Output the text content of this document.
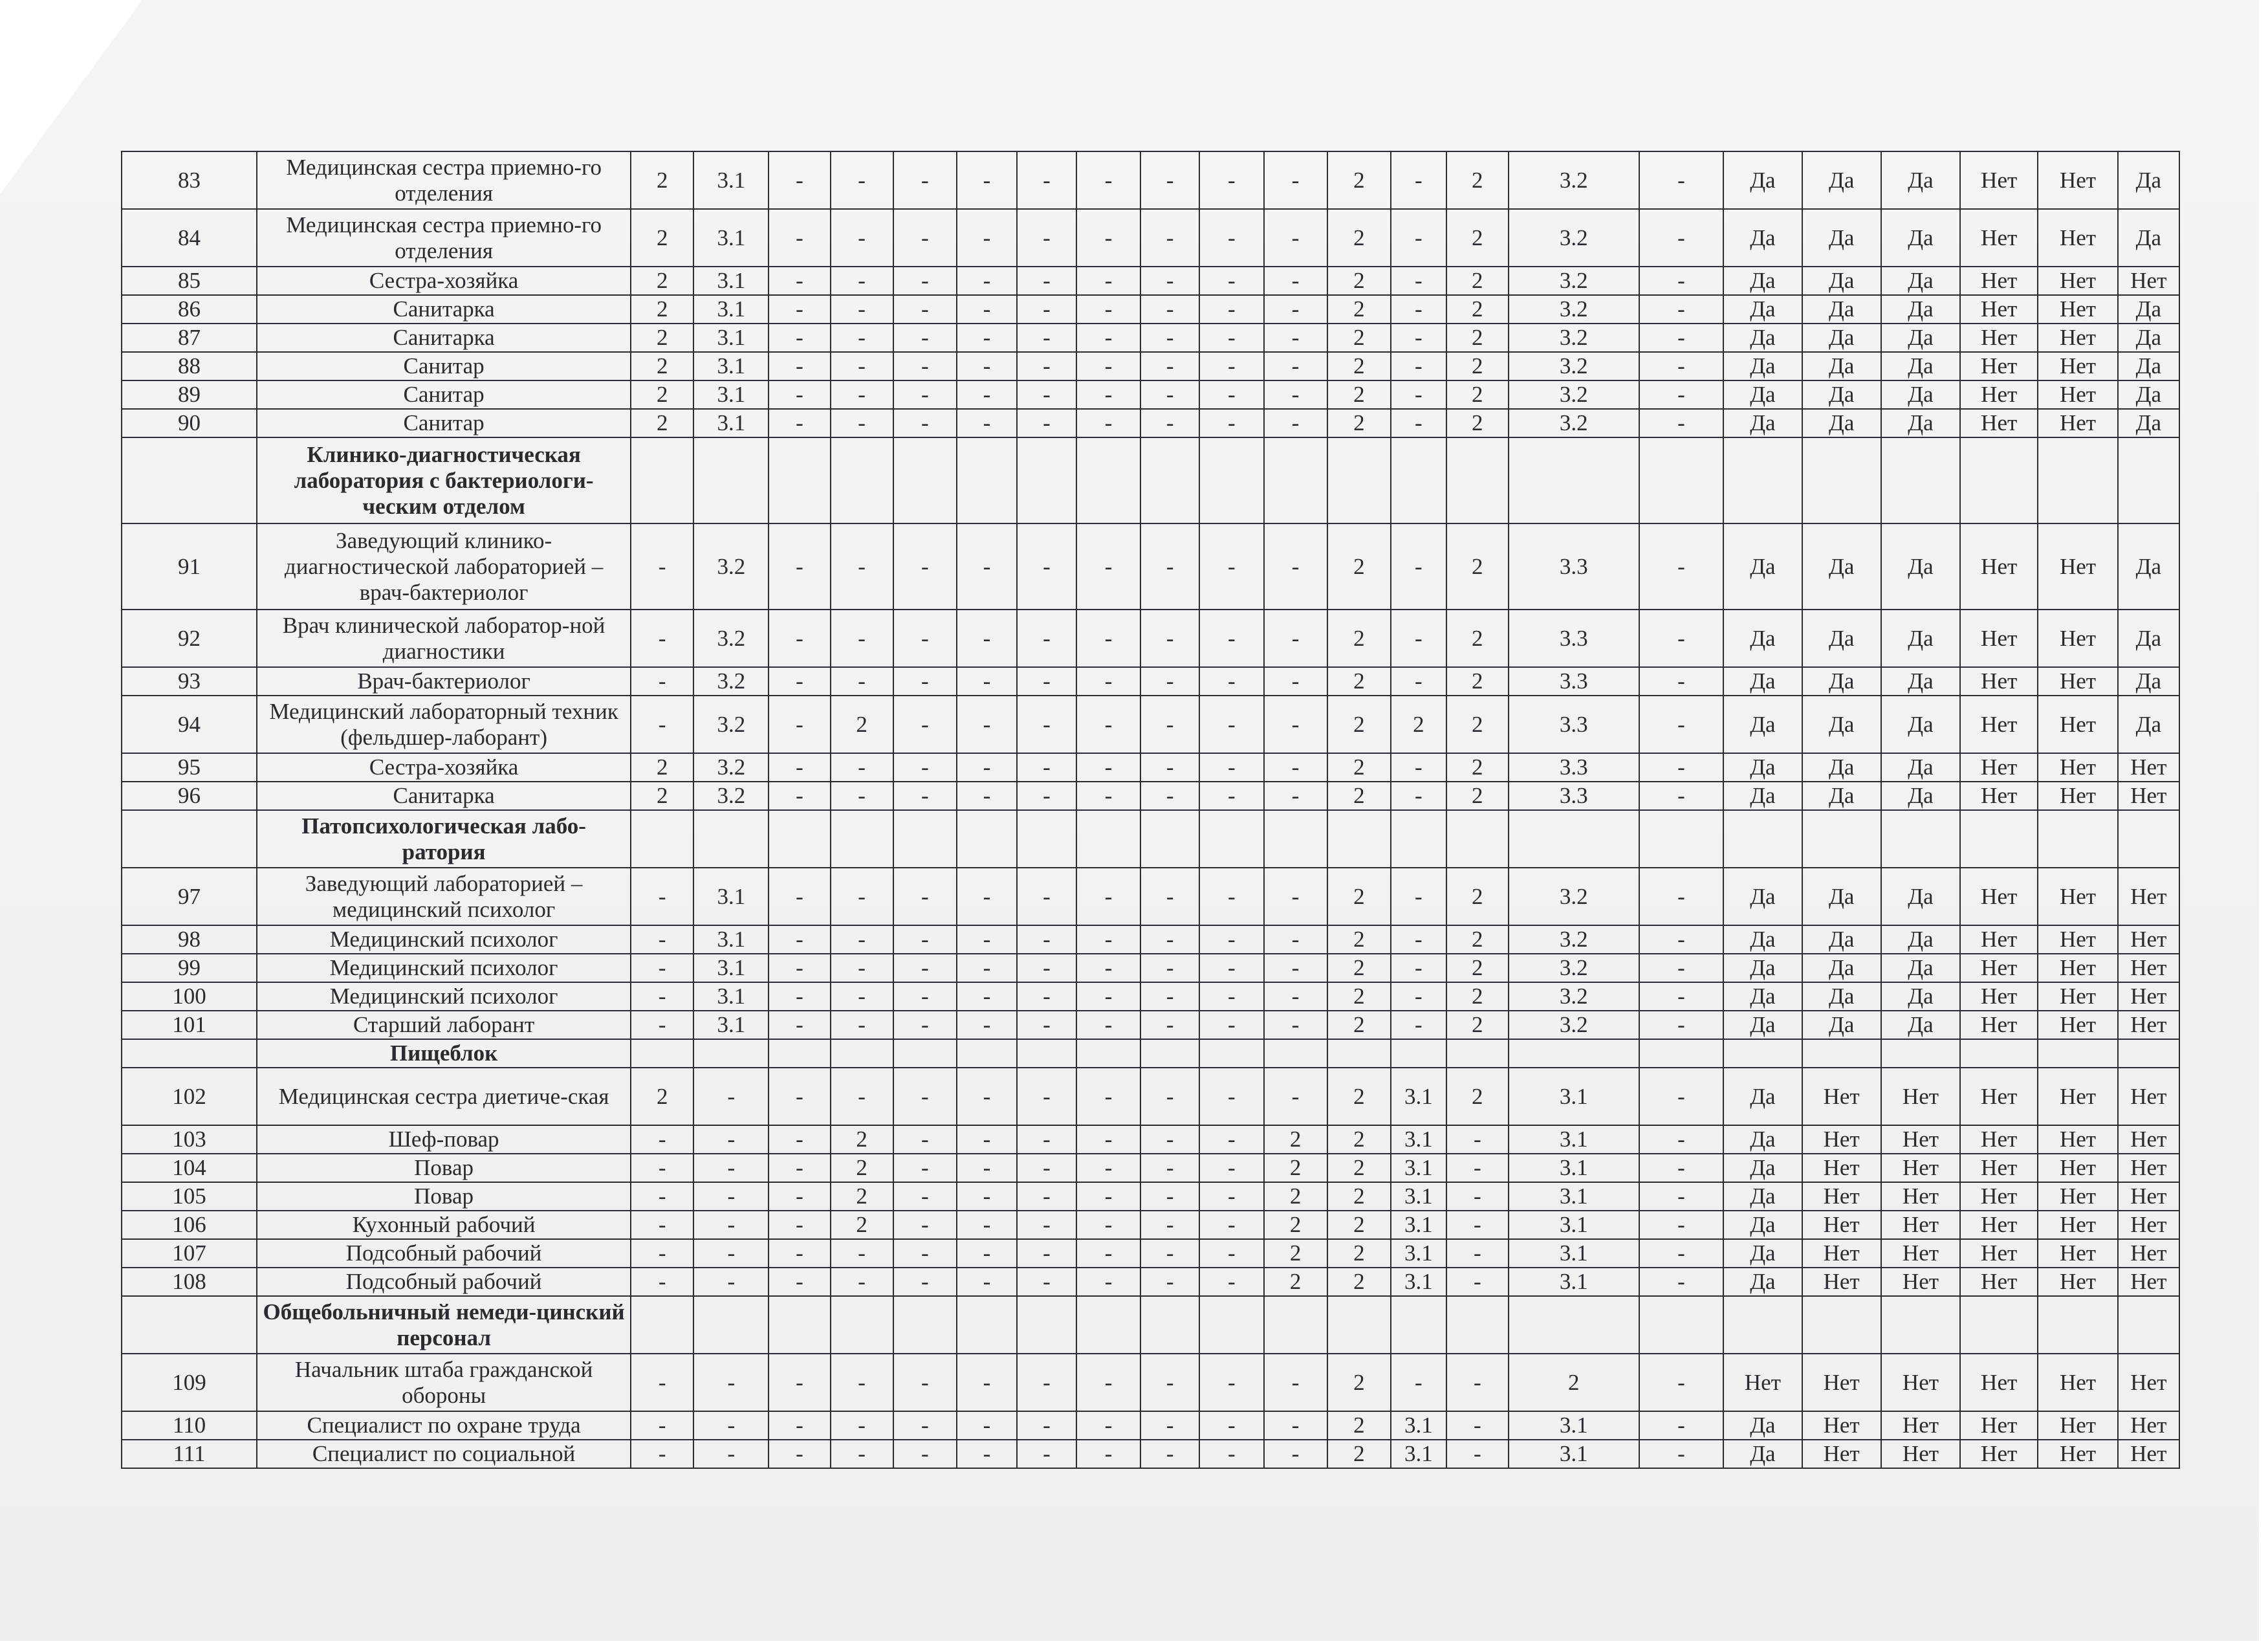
83	Медицинская сестра приемно-го отделения	2	3.1	-	-	-	-	-	-	-	-	-	2	-	2	3.2	-	Да	Да	Да	Нет	Нет	Да
84	Медицинская сестра приемно-го отделения	2	3.1	-	-	-	-	-	-	-	-	-	2	-	2	3.2	-	Да	Да	Да	Нет	Нет	Да
85	Сестра-хозяйка	2	3.1	-	-	-	-	-	-	-	-	-	2	-	2	3.2	-	Да	Да	Да	Нет	Нет	Нет
86	Санитарка	2	3.1	-	-	-	-	-	-	-	-	-	2	-	2	3.2	-	Да	Да	Да	Нет	Нет	Да
87	Санитарка	2	3.1	-	-	-	-	-	-	-	-	-	2	-	2	3.2	-	Да	Да	Да	Нет	Нет	Да
88	Санитар	2	3.1	-	-	-	-	-	-	-	-	-	2	-	2	3.2	-	Да	Да	Да	Нет	Нет	Да
89	Санитар	2	3.1	-	-	-	-	-	-	-	-	-	2	-	2	3.2	-	Да	Да	Да	Нет	Нет	Да
90	Санитар	2	3.1	-	-	-	-	-	-	-	-	-	2	-	2	3.2	-	Да	Да	Да	Нет	Нет	Да
	Клинико-диагностическая лаборатория с бактериологи-ческим отделом																						
91	Заведующий клинико-диагностической лабораторией – врач-бактериолог	-	3.2	-	-	-	-	-	-	-	-	-	2	-	2	3.3	-	Да	Да	Да	Нет	Нет	Да
92	Врач клинической лаборатор-ной диагностики	-	3.2	-	-	-	-	-	-	-	-	-	2	-	2	3.3	-	Да	Да	Да	Нет	Нет	Да
93	Врач-бактериолог	-	3.2	-	-	-	-	-	-	-	-	-	2	-	2	3.3	-	Да	Да	Да	Нет	Нет	Да
94	Медицинский лабораторный техник (фельдшер-лаборант)	-	3.2	-	2	-	-	-	-	-	-	-	2	2	2	3.3	-	Да	Да	Да	Нет	Нет	Да
95	Сестра-хозяйка	2	3.2	-	-	-	-	-	-	-	-	-	2	-	2	3.3	-	Да	Да	Да	Нет	Нет	Нет
96	Санитарка	2	3.2	-	-	-	-	-	-	-	-	-	2	-	2	3.3	-	Да	Да	Да	Нет	Нет	Нет
	Патопсихологическая лабо-ратория																						
97	Заведующий лабораторией – медицинский психолог	-	3.1	-	-	-	-	-	-	-	-	-	2	-	2	3.2	-	Да	Да	Да	Нет	Нет	Нет
98	Медицинский психолог	-	3.1	-	-	-	-	-	-	-	-	-	2	-	2	3.2	-	Да	Да	Да	Нет	Нет	Нет
99	Медицинский психолог	-	3.1	-	-	-	-	-	-	-	-	-	2	-	2	3.2	-	Да	Да	Да	Нет	Нет	Нет
100	Медицинский психолог	-	3.1	-	-	-	-	-	-	-	-	-	2	-	2	3.2	-	Да	Да	Да	Нет	Нет	Нет
101	Старший лаборант	-	3.1	-	-	-	-	-	-	-	-	-	2	-	2	3.2	-	Да	Да	Да	Нет	Нет	Нет
	Пищеблок																						
102	Медицинская сестра диетиче-ская	2	-	-	-	-	-	-	-	-	-	-	2	3.1	2	3.1	-	Да	Нет	Нет	Нет	Нет	Нет
103	Шеф-повар	-	-	-	2	-	-	-	-	-	-	2	2	3.1	-	3.1	-	Да	Нет	Нет	Нет	Нет	Нет
104	Повар	-	-	-	2	-	-	-	-	-	-	2	2	3.1	-	3.1	-	Да	Нет	Нет	Нет	Нет	Нет
105	Повар	-	-	-	2	-	-	-	-	-	-	2	2	3.1	-	3.1	-	Да	Нет	Нет	Нет	Нет	Нет
106	Кухонный рабочий	-	-	-	2	-	-	-	-	-	-	2	2	3.1	-	3.1	-	Да	Нет	Нет	Нет	Нет	Нет
107	Подсобный рабочий	-	-	-	-	-	-	-	-	-	-	2	2	3.1	-	3.1	-	Да	Нет	Нет	Нет	Нет	Нет
108	Подсобный рабочий	-	-	-	-	-	-	-	-	-	-	2	2	3.1	-	3.1	-	Да	Нет	Нет	Нет	Нет	Нет
	Общебольничный немеди-цинский персонал																						
109	Начальник штаба гражданской обороны	-	-	-	-	-	-	-	-	-	-	-	2	-	-	2	-	Нет	Нет	Нет	Нет	Нет	Нет
110	Специалист по охране труда	-	-	-	-	-	-	-	-	-	-	-	2	3.1	-	3.1	-	Да	Нет	Нет	Нет	Нет	Нет
111	Специалист по социальной	-	-	-	-	-	-	-	-	-	-	-	2	3.1	-	3.1	-	Да	Нет	Нет	Нет	Нет	Нет
